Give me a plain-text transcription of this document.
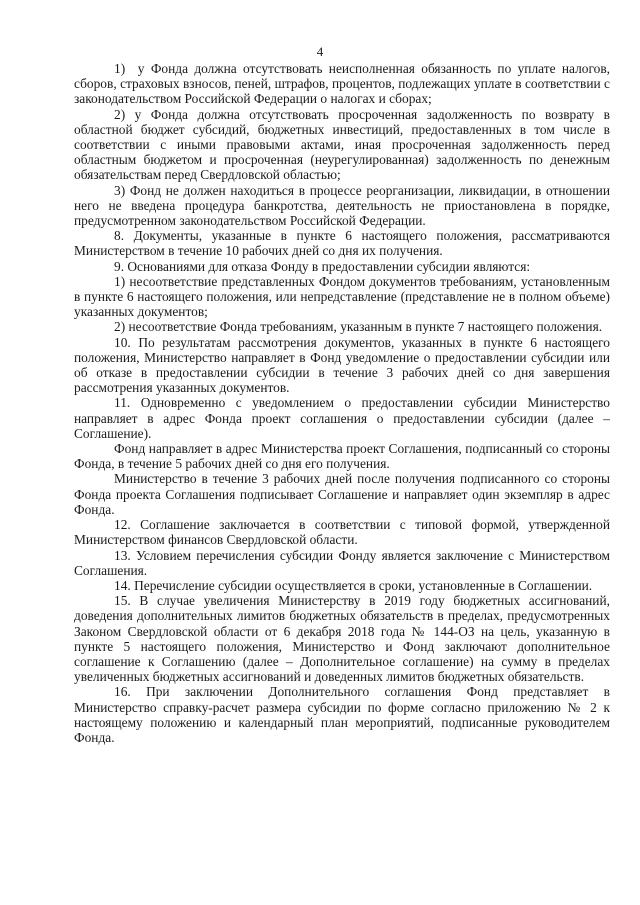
4

1)  у Фонда должна отсутствовать неисполненная обязанность по уплате налогов, сборов, страховых взносов, пеней, штрафов, процентов, подлежащих уплате в соответствии с законодательством Российской Федерации о налогах и сборах;

2) у Фонда должна отсутствовать просроченная задолженность по возврату в областной бюджет субсидий, бюджетных инвестиций, предоставленных в том числе в соответствии с иными правовыми актами, иная просроченная задолженность перед областным бюджетом и просроченная (неурегулированная) задолженность по денежным обязательствам перед Свердловской областью;

3) Фонд не должен находиться в процессе реорганизации, ликвидации, в отношении него не введена процедура банкротства, деятельность не приостановлена в порядке, предусмотренном законодательством Российской Федерации.

8. Документы, указанные в пункте 6 настоящего положения, рассматриваются Министерством в течение 10 рабочих дней со дня их получения.

9. Основаниями для отказа Фонду в предоставлении субсидии являются:

1) несоответствие представленных Фондом документов требованиям, установленным в пункте 6 настоящего положения, или непредставление (представление не в полном объеме) указанных документов;

2) несоответствие Фонда требованиям, указанным в пункте 7 настоящего положения.

10. По результатам рассмотрения документов, указанных в пункте 6 настоящего положения, Министерство направляет в Фонд уведомление о предоставлении субсидии или об отказе в предоставлении субсидии в течение 3 рабочих дней со дня завершения рассмотрения указанных документов.

11. Одновременно с уведомлением о предоставлении субсидии Министерство направляет в адрес Фонда проект соглашения о предоставлении субсидии (далее – Соглашение).

Фонд направляет в адрес Министерства проект Соглашения, подписанный со стороны Фонда, в течение 5 рабочих дней со дня его получения.

Министерство в течение 3 рабочих дней после получения подписанного со стороны Фонда проекта Соглашения подписывает Соглашение и направляет один экземпляр в адрес Фонда.

12. Соглашение заключается в соответствии с типовой формой, утвержденной Министерством финансов Свердловской области.

13. Условием перечисления субсидии Фонду является заключение с Министерством Соглашения.

14. Перечисление субсидии осуществляется в сроки, установленные в Соглашении.

15. В случае увеличения Министерству в 2019 году бюджетных ассигнований, доведения дополнительных лимитов бюджетных обязательств в пределах, предусмотренных Законом Свердловской области от 6 декабря 2018 года № 144-ОЗ на цель, указанную в пункте 5 настоящего положения, Министерство и Фонд заключают дополнительное соглашение к Соглашению (далее – Дополнительное соглашение) на сумму в пределах увеличенных бюджетных ассигнований и доведенных лимитов бюджетных обязательств.

16. При заключении Дополнительного соглашения Фонд представляет в Министерство справку-расчет размера субсидии по форме согласно приложению № 2 к настоящему положению и календарный план мероприятий, подписанные руководителем Фонда.
